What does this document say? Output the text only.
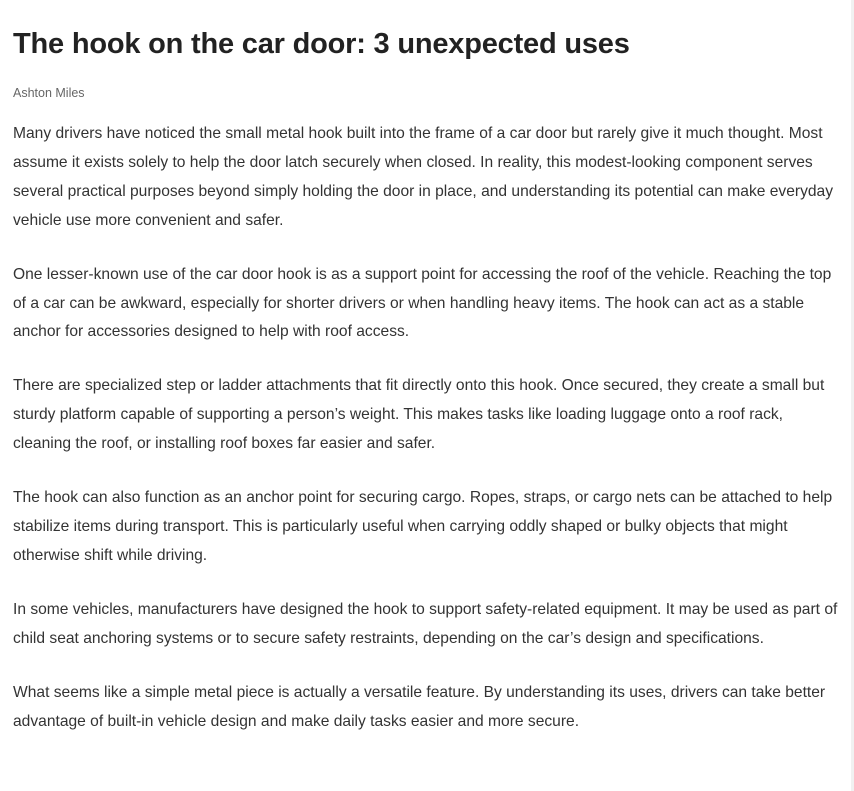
The hook on the car door: 3 unexpected uses
Ashton Miles

Many drivers have noticed the small metal hook built into the frame of a car door but rarely give it much thought. Most assume it exists solely to help the door latch securely when closed. In reality, this modest-looking component serves several practical purposes beyond simply holding the door in place, and understanding its potential can make everyday vehicle use more convenient and safer.

One lesser-known use of the car door hook is as a support point for accessing the roof of the vehicle. Reaching the top of a car can be awkward, especially for shorter drivers or when handling heavy items. The hook can act as a stable anchor for accessories designed to help with roof access.

There are specialized step or ladder attachments that fit directly onto this hook. Once secured, they create a small but sturdy platform capable of supporting a person’s weight. This makes tasks like loading luggage onto a roof rack, cleaning the roof, or installing roof boxes far easier and safer.

The hook can also function as an anchor point for securing cargo. Ropes, straps, or cargo nets can be attached to help stabilize items during transport. This is particularly useful when carrying oddly shaped or bulky objects that might otherwise shift while driving.

In some vehicles, manufacturers have designed the hook to support safety-related equipment. It may be used as part of child seat anchoring systems or to secure safety restraints, depending on the car’s design and specifications.

What seems like a simple metal piece is actually a versatile feature. By understanding its uses, drivers can take better advantage of built-in vehicle design and make daily tasks easier and more secure.
